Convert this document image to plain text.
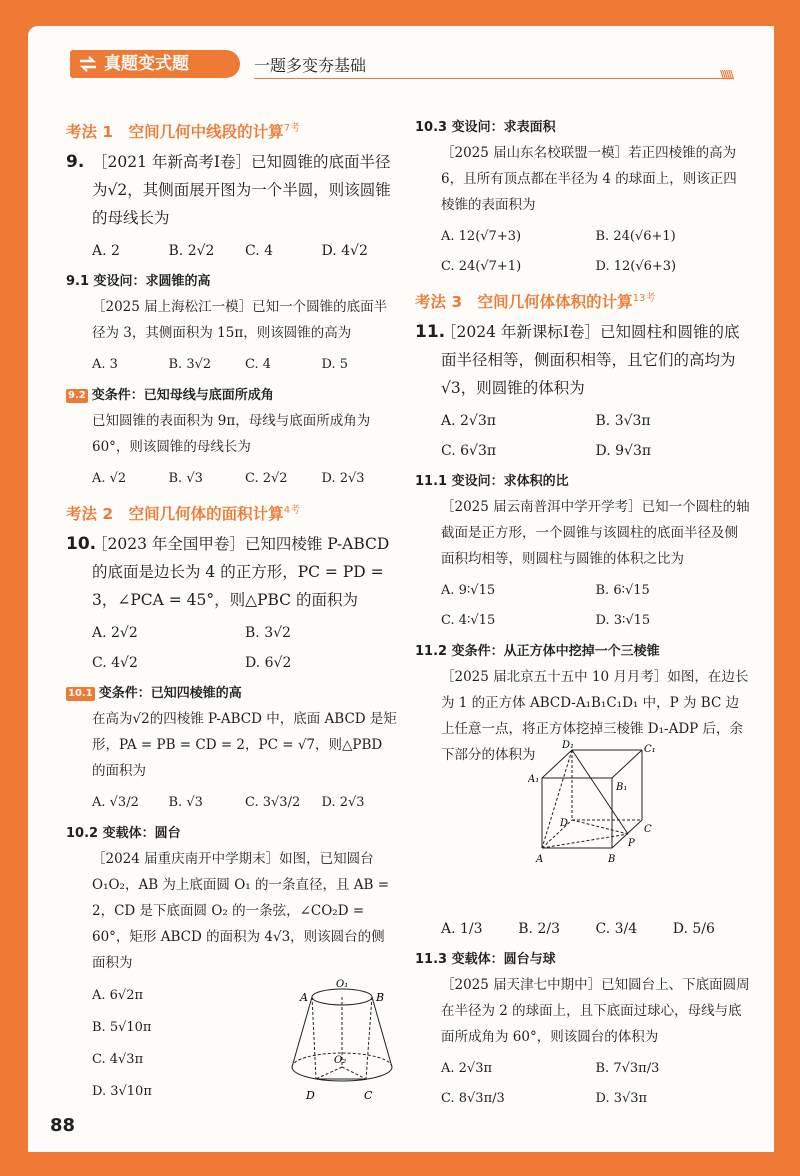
真题变式题	一题多变夯基础	\\\\\\
考法 1　空间几何中线段的计算$^{7考}$
9. ［2021 年新高考Ⅰ卷］已知圆锥的底面半径为√2，其侧面展开图为一个半圆，则该圆锥的母线长为
A. 2	B. 2√2	C. 4	D. 4√2
9.1 变设问：求圆锥的高
［2025 届上海松江一模］已知一个圆锥的底面半径为 3，其侧面积为 15π，则该圆锥的高为
A. 3	B. 3√2	C. 4	D. 5
9.2 变条件：已知母线与底面所成角
已知圆锥的表面积为 9π，母线与底面所成角为 60°，则该圆锥的母线长为
A. √2	B. √3	C. 2√2	D. 2√3
考法 2　空间几何体的面积计算$^{4考}$
10.
［2023 年全国甲卷］已知四棱锥 P-ABCD 的底面是边长为 4 的正方形，PC = PD = 3，∠PCA = 45°，则△PBC 的面积为
A. 2√2	B. 3√2
C. 4√2	D. 6√2
10.1 变条件：已知四棱锥的高
在高为√2的四棱锥 P-ABCD 中，底面 ABCD 是矩形，PA = PB = CD = 2，PC = √7，则△PBD 的面积为
A. √3/2	B. √3	C. 3√3/2	D. 2√3
10.2 变载体：圆台
［2024 届重庆南开中学期末］如图，已知圆台 O₁O₂，AB 为上底面圆 O₁ 的一条直径，且 AB = 2，CD 是下底面圆 O₂ 的一条弦，∠CO₂D = 60°，矩形 ABCD 的面积为 4√3，则该圆台的侧面积为
A. 6√2π
B. 5√10π
C. 4√3π
D. 3√10π
A	B
O₁
O₂
D	C
10.3 变设问：求表面积
［2025 届山东名校联盟一模］若正四棱锥的高为 6，且所有顶点都在半径为 4 的球面上，则该正四棱锥的表面积为
A. 12(√7+3)	B. 24(√6+1)
C. 24(√7+1)	D. 12(√6+3)
考法 3　空间几何体体积的计算$^{13考}$
11.
［2024 年新课标Ⅰ卷］已知圆柱和圆锥的底面半径相等，侧面积相等，且它们的高均为√3，则圆锥的体积为
A. 2√3π	B. 3√3π
C. 6√3π	D. 9√3π
11.1 变设问：求体积的比
［2025 届云南普洱中学开学考］已知一个圆柱的轴截面是正方形，一个圆锥与该圆柱的底面半径及侧面积均相等，则圆柱与圆锥的体积之比为
A. 9∶√15	B. 6∶√15
C. 4∶√15	D. 3∶√15
11.2 变条件：从正方体中挖掉一个三棱锥
［2025 届北京五十五中 10 月月考］如图，在边长为 1 的正方体 ABCD-A₁B₁C₁D₁ 中，P 为 BC 边上任意一点，将正方体挖掉三棱锥 D₁-ADP 后，余下部分的体积为
A. 1/3	B. 2/3	C. 3/4	D. 5/6
11.3 变载体：圆台与球
［2025 届天津七中期中］已知圆台上、下底面圆周在半径为 2 的球面上，且下底面过球心，母线与底面所成角为 60°，则该圆台的体积为
A. 2√3π	B. 7√3π/3
C. 8√3π/3	D. 3√3π
A₁
D₁	C₁
B₁
D
C
P
A	B
88
